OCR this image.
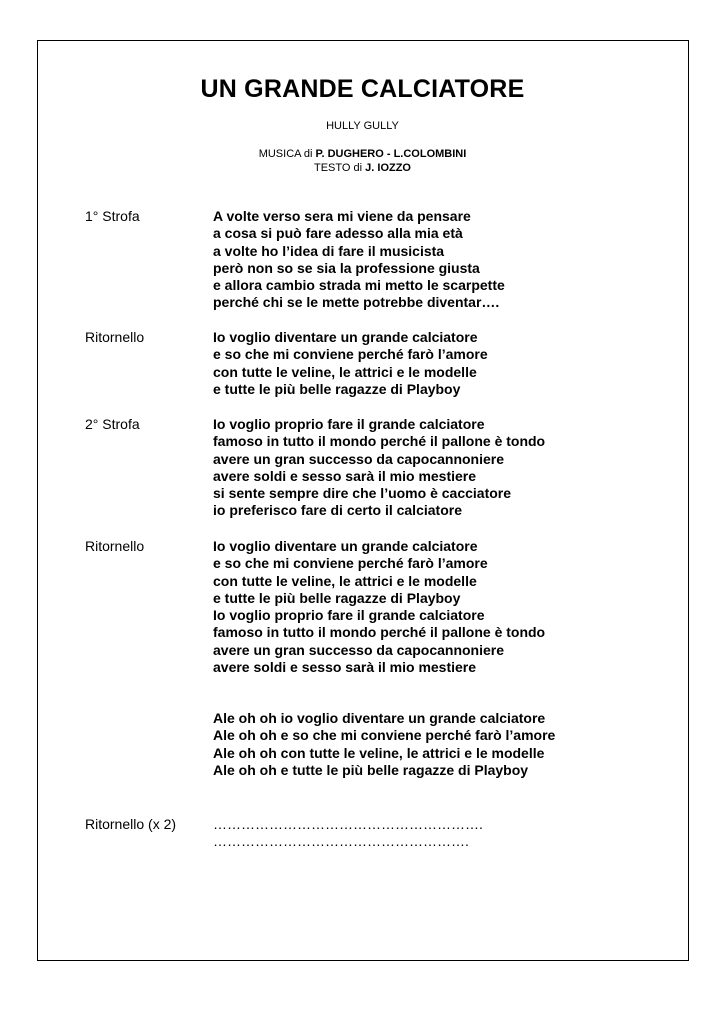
UN GRANDE CALCIATORE
HULLY GULLY
MUSICA di P. DUGHERO - L.COLOMBINI
TESTO di J. IOZZO
1° Strofa	A volte verso sera mi viene da pensare
a cosa si può fare adesso alla mia età
a volte ho l’idea di fare il musicista
però non so se sia la professione giusta
e allora cambio strada mi metto le scarpette
perché chi se le mette potrebbe diventar….
Ritornello	Io voglio diventare un grande calciatore
e so che mi conviene perché farò l’amore
con tutte le veline, le attrici e le modelle
e tutte le più belle ragazze di Playboy
2° Strofa	Io voglio proprio fare il grande calciatore
famoso in tutto il mondo perché il pallone è tondo
avere un gran successo da capocannoniere
avere soldi e sesso sarà il mio mestiere
si sente sempre dire che l’uomo è cacciatore
io preferisco fare di certo il calciatore
Ritornello	Io voglio diventare un grande calciatore
e so che mi conviene perché farò l’amore
con tutte le veline, le attrici e le modelle
e tutte le più belle ragazze di Playboy
Io voglio proprio fare il grande calciatore
famoso in tutto il mondo perché il pallone è tondo
avere un gran successo da capocannoniere
avere soldi e sesso sarà il mio mestiere
Ale oh oh io voglio diventare un grande calciatore
Ale oh oh e so che mi conviene perché farò l’amore
Ale oh oh con tutte le veline, le attrici e le modelle
Ale oh oh e tutte le più belle ragazze di Playboy
Ritornello (x 2)	………………………………………………….
……………………………………………….
